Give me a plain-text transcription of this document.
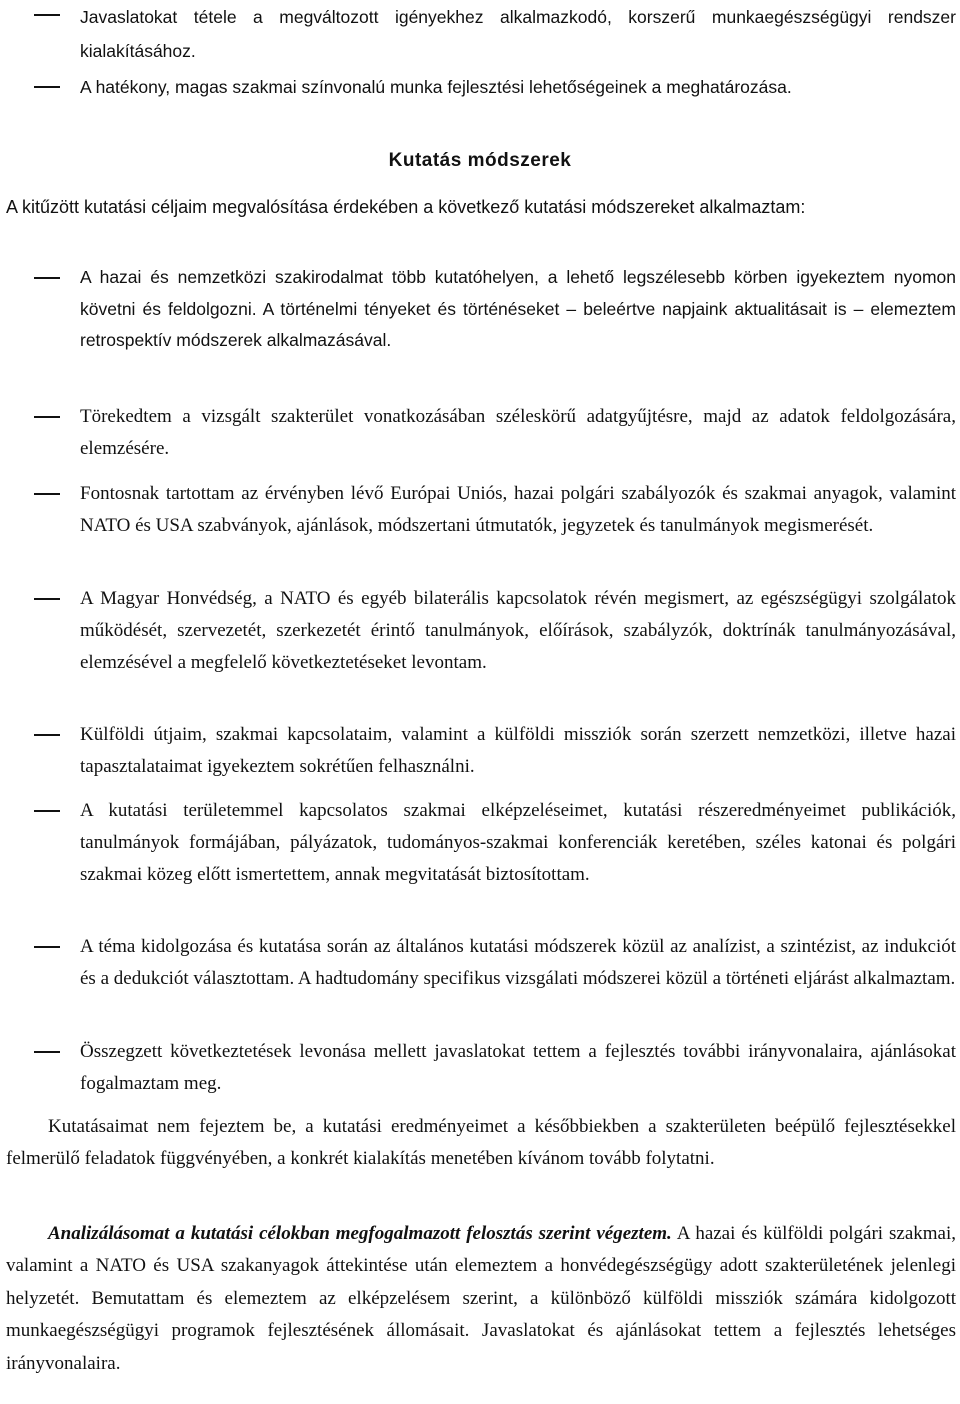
Javaslatokat tétele a megváltozott igényekhez alkalmazkodó, korszerű munkaegészségügyi rendszer kialakításához.
A hatékony, magas szakmai színvonalú munka fejlesztési lehetőségeinek a meghatározása.
Kutatás módszerek
A kitűzött kutatási céljaim megvalósítása érdekében a következő kutatási módszereket alkalmaztam:
A hazai és nemzetközi szakirodalmat több kutatóhelyen, a lehető legszélesebb körben igyekeztem nyomon követni és feldolgozni. A történelmi tényeket és történéseket – beleértve napjaink aktualitásait is – elemeztem retrospektív módszerek alkalmazásával.
Törekedtem a vizsgált szakterület vonatkozásában széleskörű adatgyűjtésre, majd az adatok feldolgozására, elemzésére.
Fontosnak tartottam az érvényben lévő Európai Uniós, hazai polgári szabályozók és szakmai anyagok, valamint NATO és USA szabványok, ajánlások, módszertani útmutatók, jegyzetek és tanulmányok megismerését.
A Magyar Honvédség, a NATO és egyéb bilaterális kapcsolatok révén megismert, az egészségügyi szolgálatok működését, szervezetét, szerkezetét érintő tanulmányok, előírások, szabályzók, doktrínák tanulmányozásával, elemzésével a megfelelő következtetéseket levontam.
Külföldi útjaim, szakmai kapcsolataim, valamint a külföldi missziók során szerzett nemzetközi, illetve hazai tapasztalataimat igyekeztem sokrétűen felhasználni.
A kutatási területemmel kapcsolatos szakmai elképzeléseimet, kutatási részeredményeimet publikációk, tanulmányok formájában, pályázatok, tudományos-szakmai konferenciák keretében, széles katonai és polgári szakmai közeg előtt ismertettem, annak megvitatását biztosítottam.
A téma kidolgozása és kutatása során az általános kutatási módszerek közül az analízist, a szintézist, az indukciót és a dedukciót választottam. A hadtudomány specifikus vizsgálati módszerei közül a történeti eljárást alkalmaztam.
Összegzett következtetések levonása mellett javaslatokat tettem a fejlesztés további irányvonalaira, ajánlásokat fogalmaztam meg.
Kutatásaimat nem fejeztem be, a kutatási eredményeimet a későbbiekben a szakterületen beépülő fejlesztésekkel felmerülő feladatok függvényében, a konkrét kialakítás menetében kívánom tovább folytatni.
Analizálásomat a kutatási célokban megfogalmazott felosztás szerint végeztem. A hazai és külföldi polgári szakmai, valamint a NATO és USA szakanyagok áttekintése után elemeztem a honvédegészségügy adott szakterületének jelenlegi helyzetét. Bemutattam és elemeztem az elképzelésem szerint, a különböző külföldi missziók számára kidolgozott munkaegészségügyi programok fejlesztésének állomásait. Javaslatokat és ajánlásokat tettem a fejlesztés lehetséges irányvonalaira.
